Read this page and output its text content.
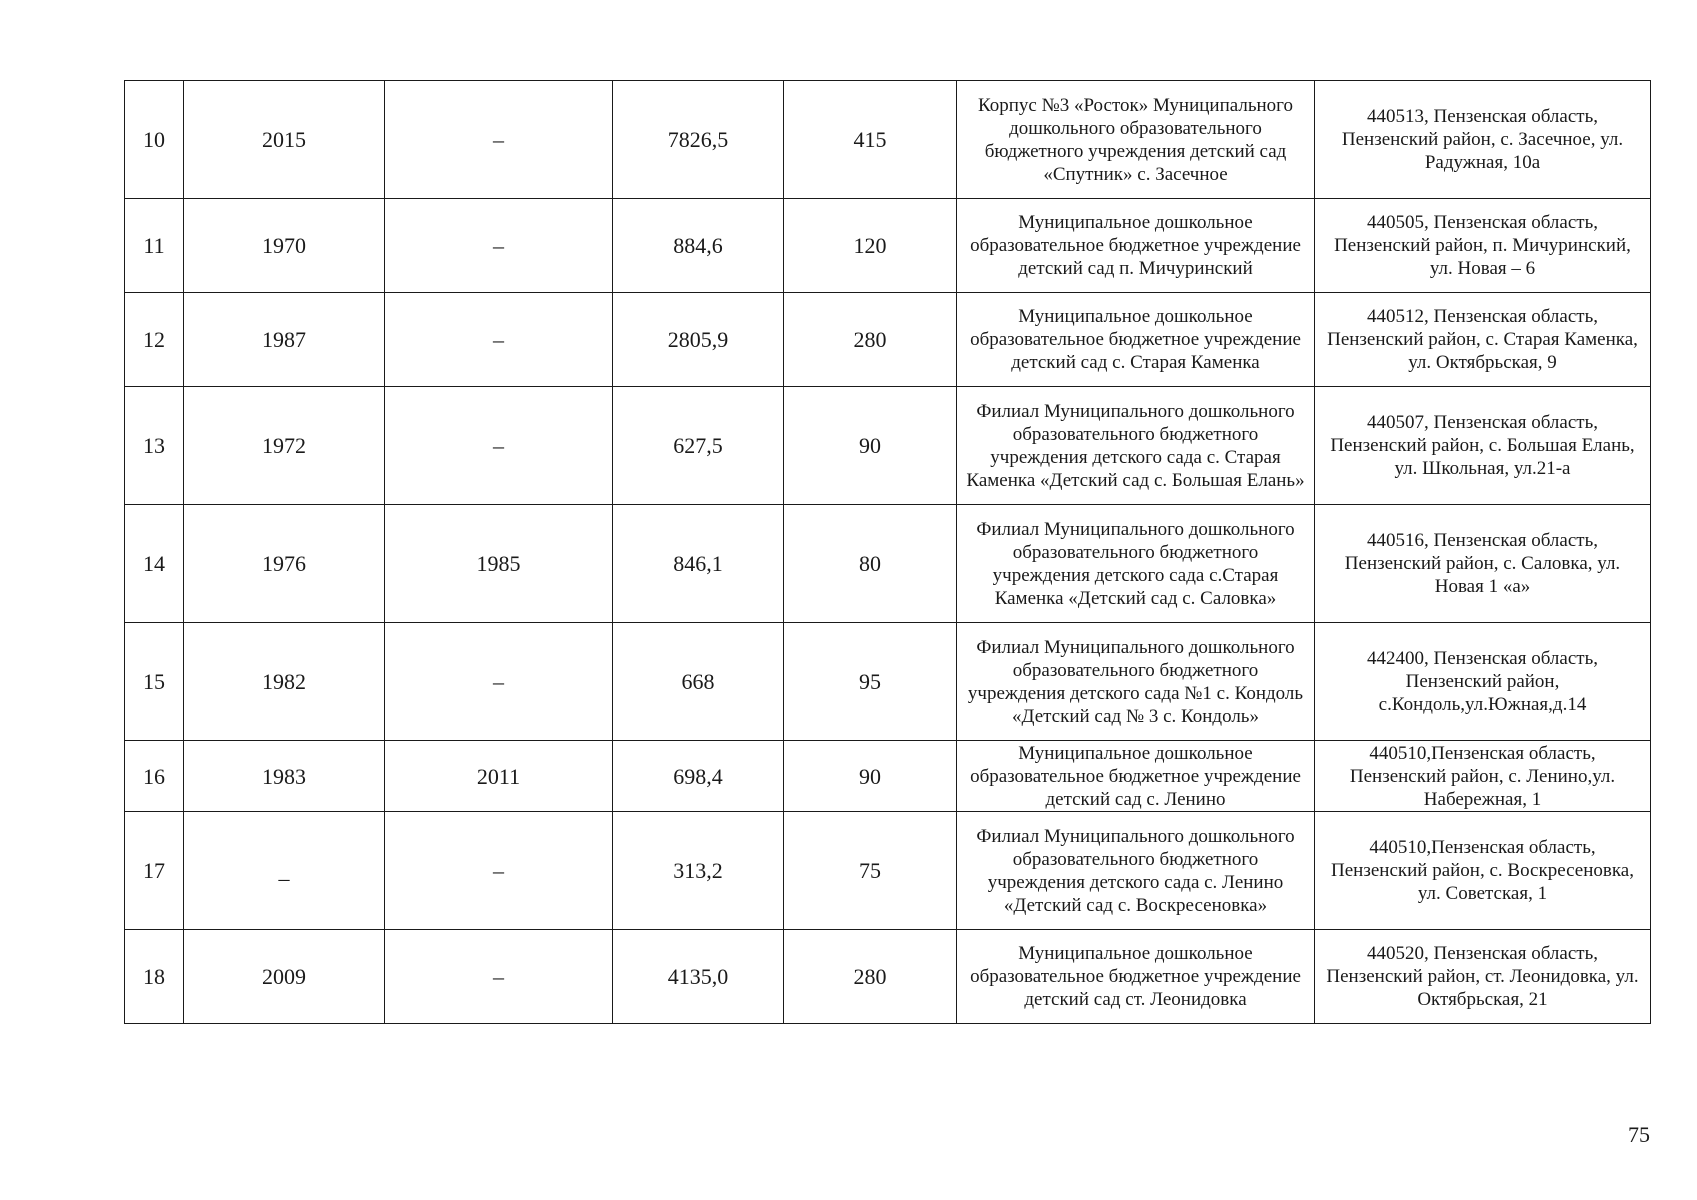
10	2015	–	7826,5	415	Корпус №3 «Росток» Муниципального дошкольного образовательного бюджетного учреждения детский сад «Спутник» с. Засечное	440513, Пензенская область, Пензенский район, с. Засечное, ул. Радужная, 10а
11	1970	–	884,6	120	Муниципальное дошкольное образовательное бюджетное учреждение детский сад п. Мичуринский	440505, Пензенская область, Пензенский район, п. Мичуринский, ул. Новая – 6
12	1987	–	2805,9	280	Муниципальное дошкольное образовательное бюджетное учреждение детский сад с. Старая Каменка	440512, Пензенская область, Пензенский район, с. Старая Каменка, ул. Октябрьская, 9
13	1972	–	627,5	90	Филиал Муниципального дошкольного образовательного бюджетного учреждения детского сада с. Старая Каменка «Детский сад с. Большая Елань»	440507, Пензенская область, Пензенский район, с. Большая Елань, ул. Школьная, ул.21-а
14	1976	1985	846,1	80	Филиал Муниципального дошкольного образовательного бюджетного учреждения детского сада с.Старая Каменка «Детский сад с. Саловка»	440516, Пензенская область, Пензенский район, с. Саловка, ул. Новая 1 «а»
15	1982	–	668	95	Филиал Муниципального дошкольного образовательного бюджетного учреждения детского сада №1 с. Кондоль «Детский сад № 3 с. Кондоль»	442400, Пензенская область, Пензенский район, с.Кондоль,ул.Южная,д.14
16	1983	2011	698,4	90	Муниципальное дошкольное образовательное бюджетное учреждение детский сад с. Ленино	440510,Пензенская область, Пензенский район, с. Ленино,ул. Набережная, 1
17	_	–	313,2	75	Филиал Муниципального дошкольного образовательного бюджетного учреждения детского сада с. Ленино «Детский сад с. Воскресеновка»	440510,Пензенская область, Пензенский район, с. Воскресеновка, ул. Советская, 1
18	2009	–	4135,0	280	Муниципальное дошкольное образовательное бюджетное учреждение детский сад ст. Леонидовка	440520, Пензенская область, Пензенский район, ст. Леонидовка, ул. Октябрьская, 21
75
